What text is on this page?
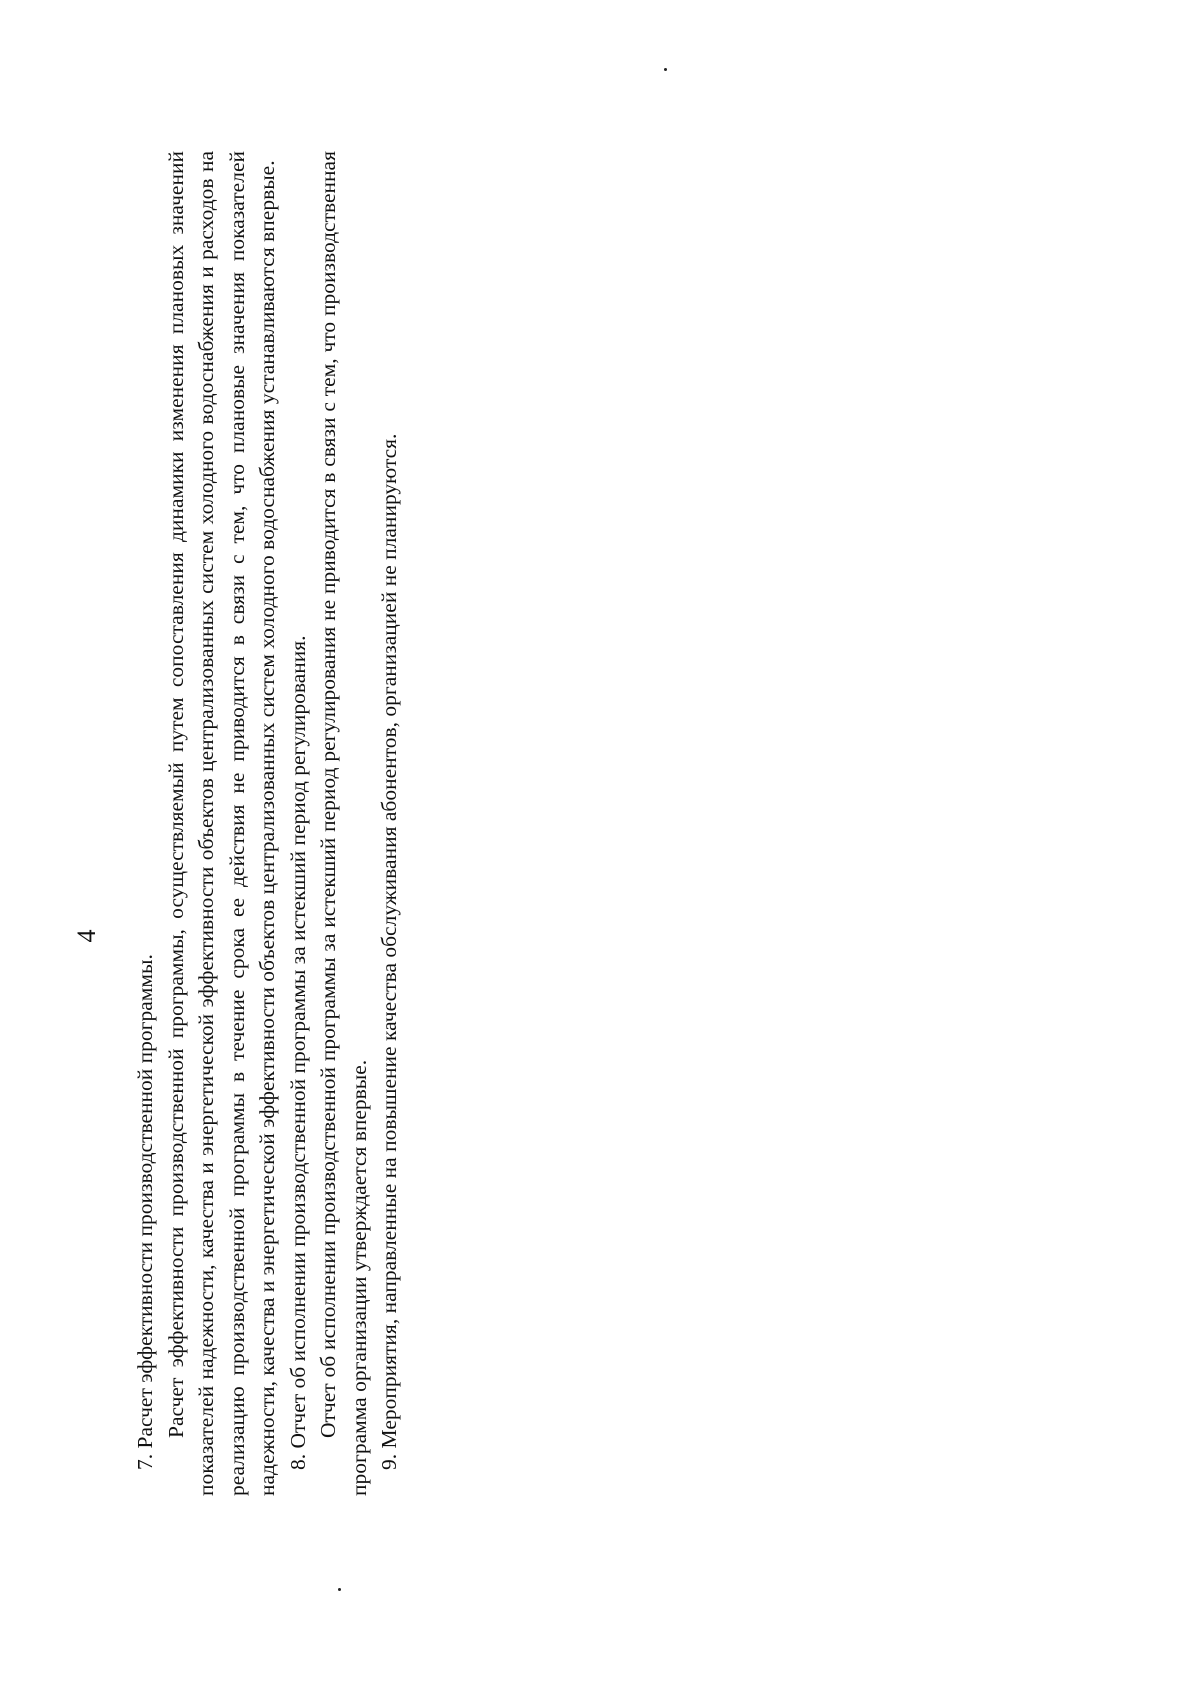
4

7. Расчет эффективности производственной программы. Расчет эффективности производственной программы, осуществляемый путем сопоставления динамики изменения плановых значений показателей надежности, качества и энергетической эффективности объектов централизованных систем холодного водоснабжения и расходов на реализацию производственной программы в течение срока ее действия не приводится в связи с тем, что плановые значения показателей надежности, качества и энергетической эффективности объектов централизованных систем холодного водоснабжения устанавливаются впервые. 8. Отчет об исполнении производственной программы за истекший период регулирования. Отчет об исполнении производственной программы за истекший период регулирования не приводится в связи с тем, что производственная программа организации утверждается впервые. 9. Мероприятия, направленные на повышение качества обслуживания абонентов, организацией не планируются.
